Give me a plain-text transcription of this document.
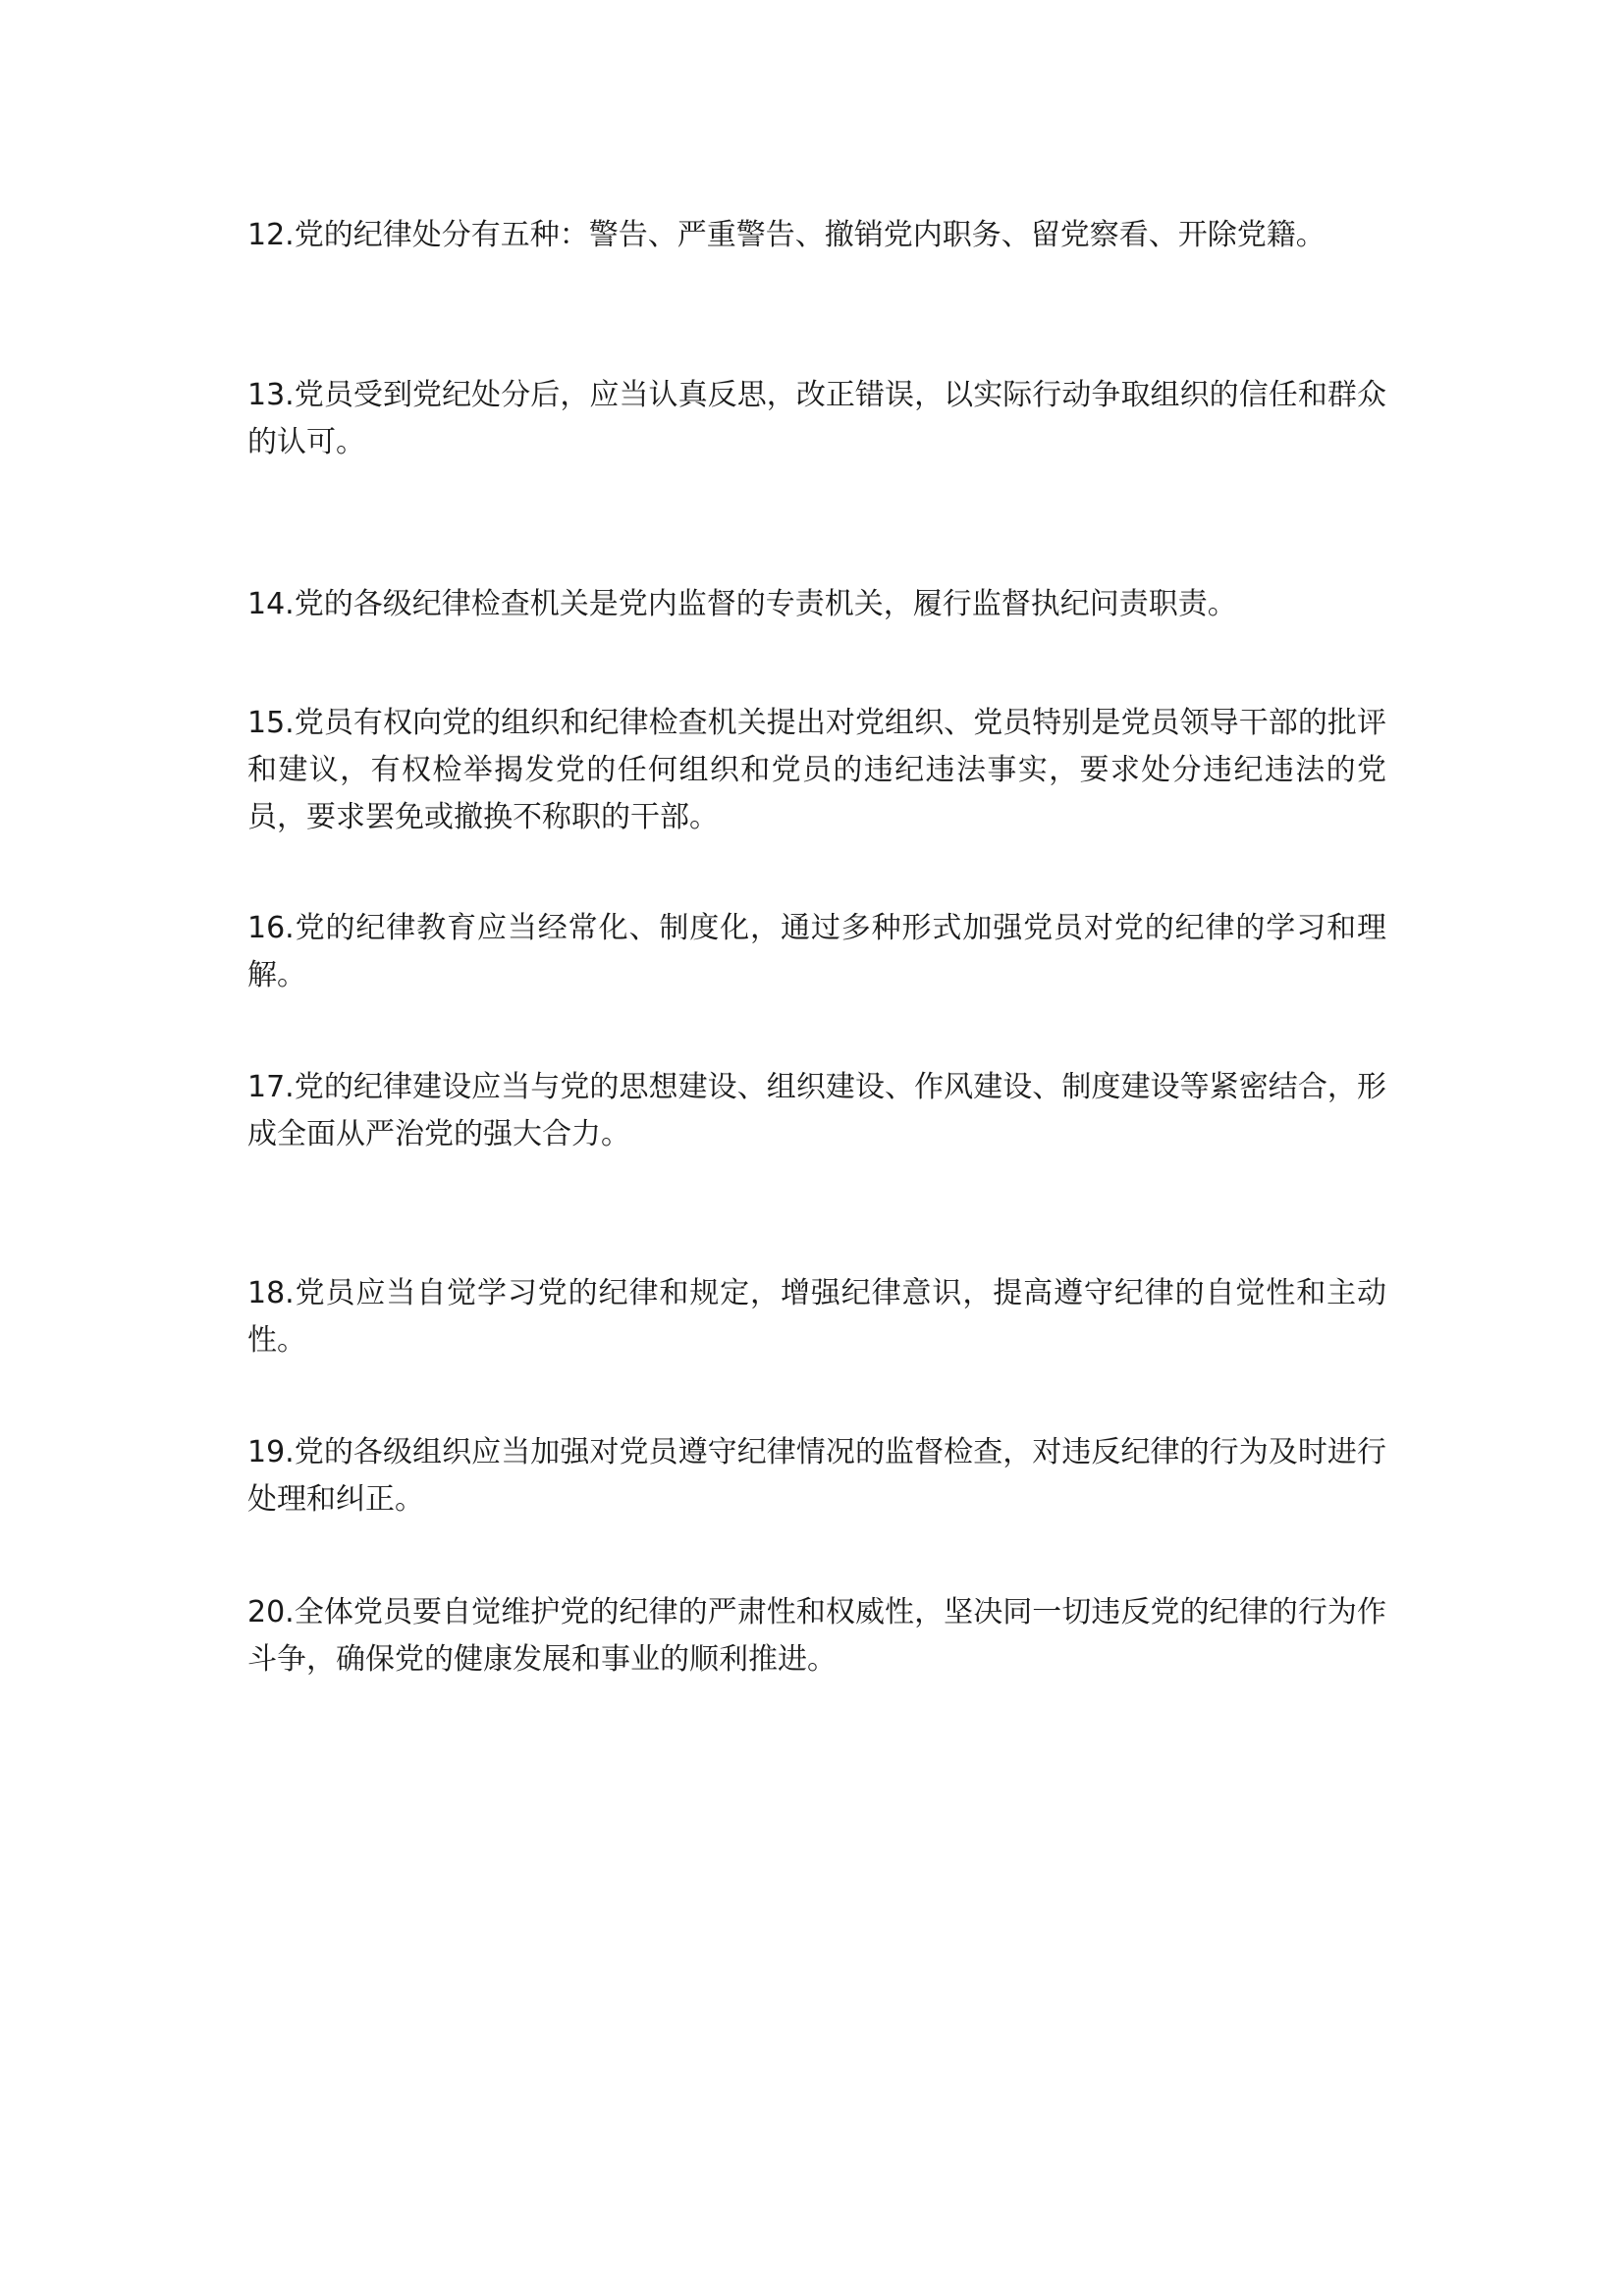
12.党的纪律处分有五种：警告、严重警告、撤销党内职务、留党察看、开除党籍。

13.党员受到党纪处分后，应当认真反思，改正错误，以实际行动争取组织的信任和群众的认可。

14.党的各级纪律检查机关是党内监督的专责机关，履行监督执纪问责职责。

15.党员有权向党的组织和纪律检查机关提出对党组织、党员特别是党员领导干部的批评和建议，有权检举揭发党的任何组织和党员的违纪违法事实，要求处分违纪违法的党员，要求罢免或撤换不称职的干部。

16.党的纪律教育应当经常化、制度化，通过多种形式加强党员对党的纪律的学习和理解。

17.党的纪律建设应当与党的思想建设、组织建设、作风建设、制度建设等紧密结合，形成全面从严治党的强大合力。

18.党员应当自觉学习党的纪律和规定，增强纪律意识，提高遵守纪律的自觉性和主动性。

19.党的各级组织应当加强对党员遵守纪律情况的监督检查，对违反纪律的行为及时进行处理和纠正。

20.全体党员要自觉维护党的纪律的严肃性和权威性，坚决同一切违反党的纪律的行为作斗争，确保党的健康发展和事业的顺利推进。
